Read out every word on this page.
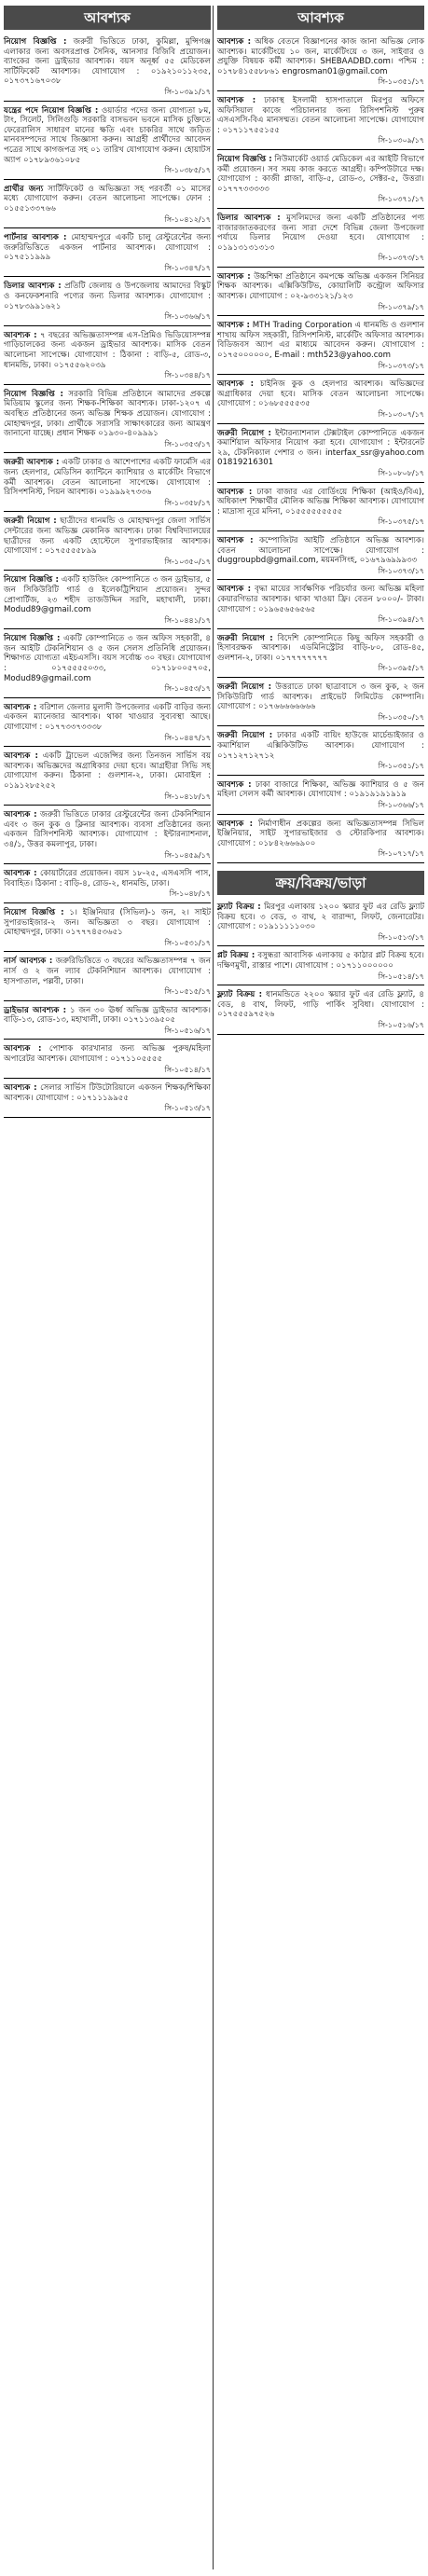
আবশ্যক
নিয়োগ বিজ্ঞপ্তি : জরুরী ভিত্তিতে ঢাকা, কুমিল্লা, মুন্সিগঞ্জ এলাকার জন্য অবসরপ্রাপ্ত সৈনিক, আনসার বিজিবি প্রয়োজন। ব্যাংকের জন্য ড্রাইভার আবশ্যক। বয়স অনূর্ধ্ব ৫৫ মেডিকেল সার্টিফিকেট আবশ্যক। যোগাযোগ : ০১৯২১০১১২৩৫, ০১৭৩৭১৬৭০৩৮
সি-১০৩৯১/১৭
যন্ত্রের পদে নিয়োগ বিজ্ঞপ্তি : ওয়ার্ডার পদের জন্য যোগ্যতা ৮ম, টাং, সিলেট, সিলিগুড়ি সরকারি বাসভবন ভবনে মাসিক চুক্তিতে ফেরেরালিস সাধারণ মানের ক্ষতি এবং চাকরির সাথে জড়িত মানবসম্পদের সাথে জিজ্ঞাসা করুন। আগ্রহী প্রার্থীদের আবেদন পত্রের সাথে কাগজপত্র সহ ০১ তারিখ যোগাযোগ করুন। হোয়াটস অ্যাপ ০১৭৮৯৩৬১০৮৫
সি-১০৩৮৫/১৭
প্রার্থীর জন্য সার্টিফিকেট ও অভিজ্ঞতা সহ পরবর্তী ০১ মাসের মধ্যে যোগাযোগ করুন। বেতন আলোচনা সাপেক্ষে। ফোন : ০১৫৫১৩৩৭৬৬
সি-১০৪১২/১৭
পার্টনার আবশ্যক : মোহাম্মদপুরে একটি চালু রেস্টুরেন্টের জন্য জরুরিভিত্তিতে একজন পার্টনার আবশ্যক। যোগাযোগ : ০১৭৫১১৯৯৯
সি-১০৩৪৭/১৭
ডিলার আবশ্যক : প্রতিটি জেলায় ও উপজেলায় আমাদের বিস্কুট ও কনফেকশনারি পণ্যের জন্য ডিলার আবশ্যক। যোগাযোগ : ০১৭৮৩৯৯১৬২১
সি-১০৩৬৬/১৭
আবশ্যক : ৭ বছরের অভিজ্ঞতাসম্পন্ন এস-প্রিমিও ভিডিয়োসম্পন্ন গাড়িচালকের জন্য একজন ড্রাইভার আবশ্যক। মাসিক বেতন আলোচনা সাপেক্ষে। যোগাযোগ : ঠিকানা : বাড়ি-৫, রোড-৩, ধানমন্ডি, ঢাকা। ০১৭৫৫৬২০৩৯
সি-১০৩৪৪/১৭
নিয়োগ বিজ্ঞপ্তি : সরকারি বিভিন্ন প্রতিষ্ঠানে আমাদের প্রকল্পে মিডিয়াম স্কুলের জন্য শিক্ষক-শিক্ষিকা আবশ্যক। ঢাকা-১২০৭ এ অবস্থিত প্রতিষ্ঠানের জন্য অভিজ্ঞ শিক্ষক প্রয়োজন। যোগাযোগ : মোহাম্মদপুর, ঢাকা। প্রার্থীকে সরাসরি সাক্ষাৎকারের জন্য আমন্ত্রণ জানানো যাচ্ছে। প্রধান শিক্ষক ০১৯৩০-৪০৯৯৯১
সি-১০৩৫৩/১৭
জরুরী আবশ্যক : একটি ঢাকার ও আশেপাশের একটি ফার্মেসি এর জন্য হেলপার, মেডিসিন ক্যান্টিনে ক্যাশিয়ার ও মার্কেটিং বিভাগে কর্মী আবশ্যক। বেতন আলোচনা সাপেক্ষে। যোগাযোগ : রিসিপশনিস্ট, পিয়ন আবশ্যক। ০১৯৯৯২৭৩৩৬
সি-১০৩৫৮/১৭
জরুরী নিয়োগ : ছাত্রীদের ধানমন্ডি ও মোহাম্মদপুর জেলা সার্ভিস সেন্টারের জন্য অভিজ্ঞ মেকানিক আবশ্যক। ঢাকা বিশ্ববিদ্যালয়ের ছাত্রীদের জন্য একটি হোস্টেলে সুপারভাইজার আবশ্যক। যোগাযোগ : ০১৭৫৫৫৫৮৯৯
সি-১০৩৫০/১৭
নিয়োগ বিজ্ঞপ্তি : একটি হাউজিং কোম্পানিতে ৩ জন ড্রাইভার, ৫ জন সিকিউরিটি গার্ড ও ইলেকট্রিশিয়ান প্রয়োজন। সুন্দর প্রোপার্টিজ, ২৩ শহীদ তাজউদ্দিন সরণি, মহাখালী, ঢাকা। Modud89@gmail.com
সি-১০৪৪১/১৭
নিয়োগ বিজ্ঞপ্তি : একটি কোম্পানিতে ৩ জন অফিস সহকারী, ৪ জন আইটি টেকনিশিয়ান ও ৫ জন সেলস প্রতিনিধি প্রয়োজন। শিক্ষাগত যোগ্যতা এইচএসসি। বয়স সর্বোচ্চ ৩০ বছর। যোগাযোগ : ০১৭৫৫৫৫০৩৩, ০১৭১৮০০৫৭০৫, Modud89@gmail.com
সি-১০৪৫৩/১৭
আবশ্যক : বরিশাল জেলার মুলাদী উপজেলার একটি বাড়ির জন্য একজন ম্যানেজার আবশ্যক। থাকা খাওয়ার সুব্যবস্থা আছে। যোগাযোগ : ০১৭৭৩৩৭৩৩৩৮
সি-১০৪৪৭/১৭
আবশ্যক : একটি ট্রাভেল এজেন্সির জন্য তিনজন সার্ভিস বয় আবশ্যক। অভিজ্ঞদের অগ্রাধিকার দেয়া হবে। আগ্রহীরা সিভি সহ যোগাযোগ করুন। ঠিকানা : গুলশান-২, ঢাকা। মোবাইল : ০১৯১২৮৫২৫২
সি-১০৪১৮/১৭
আবশ্যক : জরুরী ভিত্তিতে ঢাকার রেস্টুরেন্টের জন্য টেকনিশিয়ান এবং ৩ জন কুক ও ক্লিনার আবশ্যক। ব্যবসা প্রতিষ্ঠানের জন্য একজন রিসিপশনিস্ট আবশ্যক। যোগাযোগ : ইন্টারন্যাশনাল, ৩৪/১, উত্তর কমলাপুর, ঢাকা।
সি-১০৪৫৯/১৭
আবশ্যক : কোয়ার্টারের প্রয়োজন। বয়স ১৮-২৫, এসএসসি পাস, বিবাহিত। ঠিকানা : বাড়ি-৪, রোড-২, ধানমন্ডি, ঢাকা।
সি-১০৪৮/১৭
নিয়োগ বিজ্ঞপ্তি : ১। ইঞ্জিনিয়ার (সিভিল)-১ জন, ২। সাইট সুপারভাইজার-২ জন। অভিজ্ঞতা ৩ বছর। যোগাযোগ : মোহাম্মদপুর, ঢাকা। ০১৭৭৭৪৫৩৬৫১
সি-১০৫৩১/১৭
নার্স আবশ্যক : জরুরিভিত্তিতে ৩ বছরের অভিজ্ঞতাসম্পন্ন ৭ জন নার্স ও ২ জন ল্যাব টেকনিশিয়ান আবশ্যক। যোগাযোগ : হাসপাতাল, পল্লবী, ঢাকা।
সি-১০৫১৫/১৭
ড্রাইভার আবশ্যক : ১ জন ৩০ ঊর্ধ্ব অভিজ্ঞ ড্রাইভার আবশ্যক। বাড়ি-১৩, রোড-১৩, মহাখালী, ঢাকা। ০১৭১১৩৯৫০৫
সি-১০৫১৬/১৭
আবশ্যক : পোশাক কারখানার জন্য অভিজ্ঞ পুরুষ/মহিলা অপারেটর আবশ্যক। যোগাযোগ : ০১৭১১০৫৫৫৫
সি-১০৫১৪/১৭
আবশ্যক : সেলার সার্ভিস টিউটোরিয়ালে একজন শিক্ষক/শিক্ষিকা আবশ্যক। যোগাযোগ : ০১৭১১১৯৯৫৫
সি-১০৫১৩/১৭
আবশ্যক
আবশ্যক : অধিক বেতনে বিজ্ঞাপনের কাজ জানা অভিজ্ঞ লোক আবশ্যক। মার্কেটিংয়ে ১০ জন, মার্কেটিংয়ে ৩ জন, সাইবার ও প্রযুক্তি বিষয়ক কর্মী আবশ্যক। SHEBAADBD.com। পশ্চিম : ০১৭৮৪১৫৫৮৮৬১ engrosman01@gmail.com
সি-১০৩৫১/১৭
আবশ্যক : ঢাকাস্থ ইসলামী হাসপাতালে মিরপুর অফিসে অফিসিয়াল কাজে পরিচালনার জন্য রিসিপশনিস্ট পুরুষ এসএসসি-বিএ মানসম্মত। বেতন আলোচনা সাপেক্ষে। যোগাযোগ : ০১৭১১৭৫৫১৫৫
সি-১০৩০৯/১৭
নিয়োগ বিজ্ঞপ্তি : নিউমার্কেট ওয়ার্ড মেডিকেল এর আইটি বিভাগে কর্মী প্রয়োজন। সব সময় কাজ করতে আগ্রহী। কম্পিউটারে দক্ষ। যোগাযোগ : কাজী প্লাজা, বাড়ি-৫, রোড-৩, সেক্টর-৫, উত্তরা। ০১৭৭৭৩৩৩৩৩
সি-১০৩৭১/১৭
ডিলার আবশ্যক : মুসলিমদের জন্য একটি প্রতিষ্ঠানের পণ্য বাজারজাতকরণের জন্য সারা দেশে বিভিন্ন জেলা উপজেলা পর্যায়ে ডিলার নিয়োগ দেওয়া হবে। যোগাযোগ : ০১৯১৩১৩১৩১৩
সি-১০৩৭৩/১৭
আবশ্যক : উচ্চশিক্ষা প্রতিষ্ঠানে কমপক্ষে অভিজ্ঞ একজন সিনিয়র শিক্ষক আবশ্যক। এক্সিকিউটিভ, কোয়ালিটি কন্ট্রোল অফিসার আবশ্যক। যোগাযোগ : ০২-৯৩৩১২১/১২৩
সি-১০৩৭৯/১৭
আবশ্যক : MTH Trading Corporation এ ধানমন্ডি ও গুলশান শাখায় অফিস সহকারী, রিসিপশনিস্ট, মার্কেটিং অফিসার আবশ্যক। বিডিজবস অ্যাপ এর মাধ্যমে আবেদন করুন। যোগাযোগ : ০১৭৫০০০০০০, E-mail : mth523@yahoo.com
সি-১০৩৭৩/১৭
আবশ্যক : চাইনিজ কুক ও হেলপার আবশ্যক। অভিজ্ঞদের অগ্রাধিকার দেয়া হবে। মাসিক বেতন আলোচনা সাপেক্ষে। যোগাযোগ : ০১৬৮৫৫৫৫৩৫
সি-১০৩০৭/১৭
জরুরী নিয়োগ : ইন্টারন্যাশনাল টেক্সটাইল কোম্পানিতে একজন কমার্শিয়াল অফিসার নিয়োগ করা হবে। যোগাযোগ : ইন্টারনেট ২৯, টেকনিক্যাল পেশার ৩ জন। interfax_ssr@yahoo.com 01819216301
সি-১০৮০৮/১৭
আবশ্যক : ঢাকা বাজার এর বোর্ডিংয়ে শিক্ষিকা (আইও/বিএ), অধিকাংশ শিক্ষার্থীর মৌলিক অভিজ্ঞ শিক্ষিকা আবশ্যক। যোগাযোগ : মাদ্রাসা নূরে মদিনা, ০১৫৫৫৫৫৫৫৫৫
সি-১০৩৭৫/১৭
আবশ্যক : কম্পোজিটর আইটি প্রতিষ্ঠানে অভিজ্ঞ আবশ্যক। বেতন আলোচনা সাপেক্ষে। যোগাযোগ : duggroupbd@gmail.com, ময়মনসিংহ, ০১৬৭৯৬৯৯৯৩৩
সি-১০৩৭৩/১৭
আবশ্যক : বৃদ্ধা মায়ের সার্বক্ষণিক পরিচর্যার জন্য অভিজ্ঞ মহিলা কেয়ারগিভার আবশ্যক। থাকা খাওয়া ফ্রি। বেতন ৮০০০/- টাকা। যোগাযোগ : ০১৯৬৫৬৫৬৫৬৫
সি-১০৩৯৪/১৭
জরুরী নিয়োগ : বিদেশি কোম্পানিতে কিছু অফিস সহকারী ও হিসাবরক্ষক আবশ্যক। এডমিনিস্ট্রেটর বাড়ি-৮০, রোড-৪৫, গুলশান-২, ঢাকা। ০১৭৭৭৭৭৭৭৭
সি-১০৩৯৫/১৭
জরুরী নিয়োগ : উত্তরাতে ঢাকা ছাত্রাবাসে ৩ জন কুক, ২ জন সিকিউরিটি গার্ড আবশ্যক। প্রাইভেট লিমিটেড কোম্পানি। যোগাযোগ : ০১৭৬৬৬৬৬৬৬৬
সি-১০৩৫০/১৭
জরুরী নিয়োগ : ঢাকার একটি বায়িং হাউজে মার্চেন্ডাইজার ও কমার্শিয়াল এক্সিকিউটিভ আবশ্যক। যোগাযোগ : ০১৭১২৭১২৭১২
সি-১০৩৫১/১৭
আবশ্যক : ঢাকা বাজারে শিক্ষিকা, অভিজ্ঞ ক্যাশিয়ার ও ৫ জন মহিলা সেলস কর্মী আবশ্যক। যোগাযোগ : ০১৯১৯১৯১৯১৯
সি-১০৩৬৬/১৭
আবশ্যক : নির্মাণাধীন প্রকল্পের জন্য অভিজ্ঞতাসম্পন্ন সিভিল ইঞ্জিনিয়ার, সাইট সুপারভাইজার ও স্টোরকিপার আবশ্যক। যোগাযোগ : ০১৮৪২৬৬৬৯০০
সি-১০৭১৭/১৭
ক্রয়/বিক্রয়/ভাড়া
ফ্ল্যাট বিক্রয় : মিরপুর এলাকায় ১২০০ স্কয়ার ফুট এর রেডি ফ্ল্যাট বিক্রয় হবে। ৩ বেড, ৩ বাথ, ২ বারান্দা, লিফট, জেনারেটর। যোগাযোগ : ০১৯১১১১১০৩০
সি-১০৫১৩/১৭
প্লট বিক্রয় : বসুন্ধরা আবাসিক এলাকায় ৫ কাঠার প্লট বিক্রয় হবে। দক্ষিণমুখী, রাস্তার পাশে। যোগাযোগ : ০১৭১১০০০০০০
সি-১০৫১৪/১৭
ফ্ল্যাট বিক্রয় : ধানমন্ডিতে ২২০০ স্কয়ার ফুট এর রেডি ফ্ল্যাট, ৪ বেড, ৪ বাথ, লিফট, গাড়ি পার্কিং সুবিধা। যোগাযোগ : ০১৭৫৫৫৯৭৫২৬
সি-১০৫১৬/১৭
